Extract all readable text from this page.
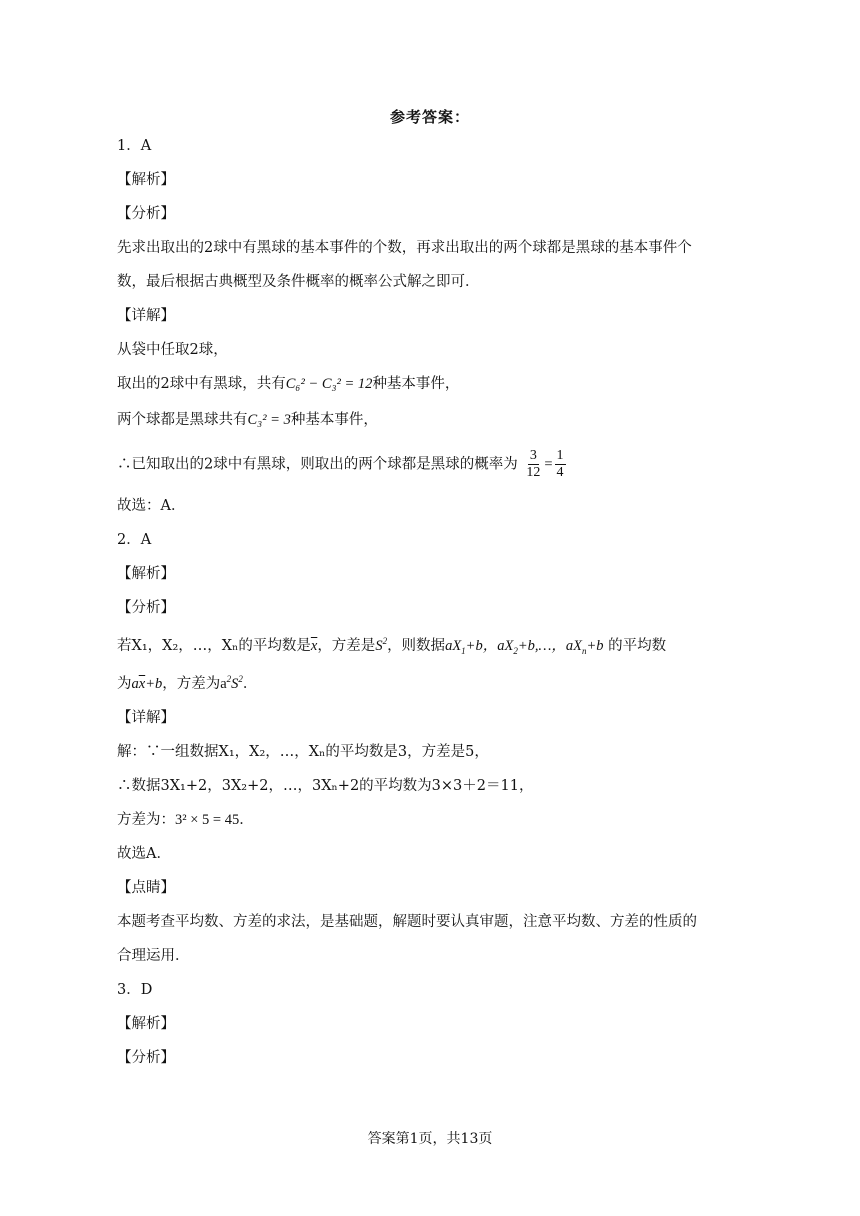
参考答案：
1．A
【解析】
【分析】
先求出取出的2球中有黑球的基本事件的个数，再求出取出的两个球都是黑球的基本事件个
数，最后根据古典概型及条件概率的概率公式解之即可．
【详解】
从袋中任取2球，
取出的2球中有黑球，共有C₆² − C₃² = 12种基本事件，
两个球都是黑球共有C₃² = 3种基本事件，
∴已知取出的2球中有黑球，则取出的两个球都是黑球的概率为 $\frac{3}{12} = \frac{1}{4}$
故选：A．
2．A
【解析】
【分析】
若X₁，X₂，…，Xₙ的平均数是$\overline{x}$，方差是$S^2$，则数据$aX_1+b$，$aX_2+b,\dots$，$aX_n+b$ 的平均数
为$a\overline{x}+b$，方差为$a^2S^2$．
【详解】
解：∵一组数据X₁，X₂，…，Xₙ的平均数是3，方差是5，
∴数据3X₁+2，3X₂+2，…，3Xₙ+2的平均数为3×3＋2＝11，
方差为：3² × 5 = 45．
故选A．
【点睛】
本题考查平均数、方差的求法，是基础题，解题时要认真审题，注意平均数、方差的性质的
合理运用．
3．D
【解析】
【分析】
答案第1页，共13页
